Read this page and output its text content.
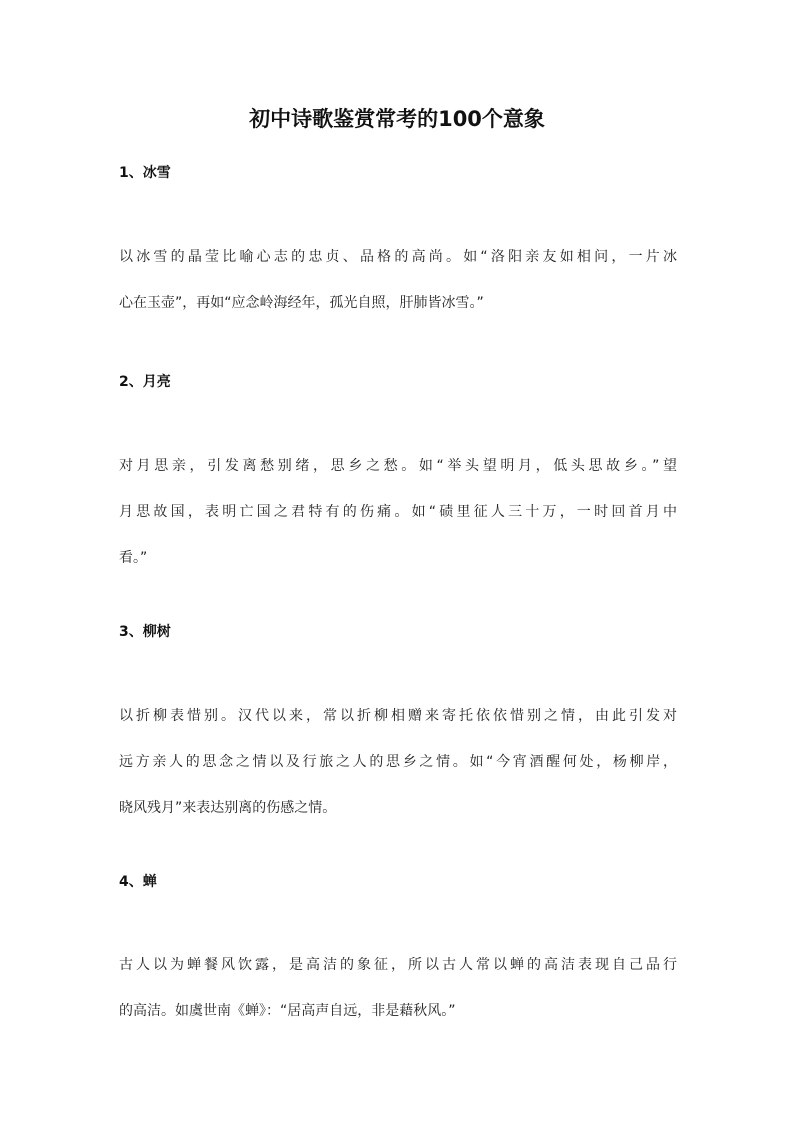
初中诗歌鉴赏常考的100个意象
1、冰雪
以冰雪的晶莹比喻心志的忠贞、品格的高尚。如“洛阳亲友如相问，一片冰
心在玉壶”，再如“应念岭海经年，孤光自照，肝肺皆冰雪。”
2、月亮
对月思亲，引发离愁别绪，思乡之愁。如“举头望明月，低头思故乡。”望
月思故国，表明亡国之君特有的伤痛。如“碛里征人三十万，一时回首月中
看。”
3、柳树
以折柳表惜别。汉代以来，常以折柳相赠来寄托依依惜别之情，由此引发对
远方亲人的思念之情以及行旅之人的思乡之情。如“今宵酒醒何处，杨柳岸，
晓风残月”来表达别离的伤感之情。
4、蝉
古人以为蝉餐风饮露，是高洁的象征，所以古人常以蝉的高洁表现自己品行
的高洁。如虞世南《蝉》：“居高声自远，非是藉秋风。”
